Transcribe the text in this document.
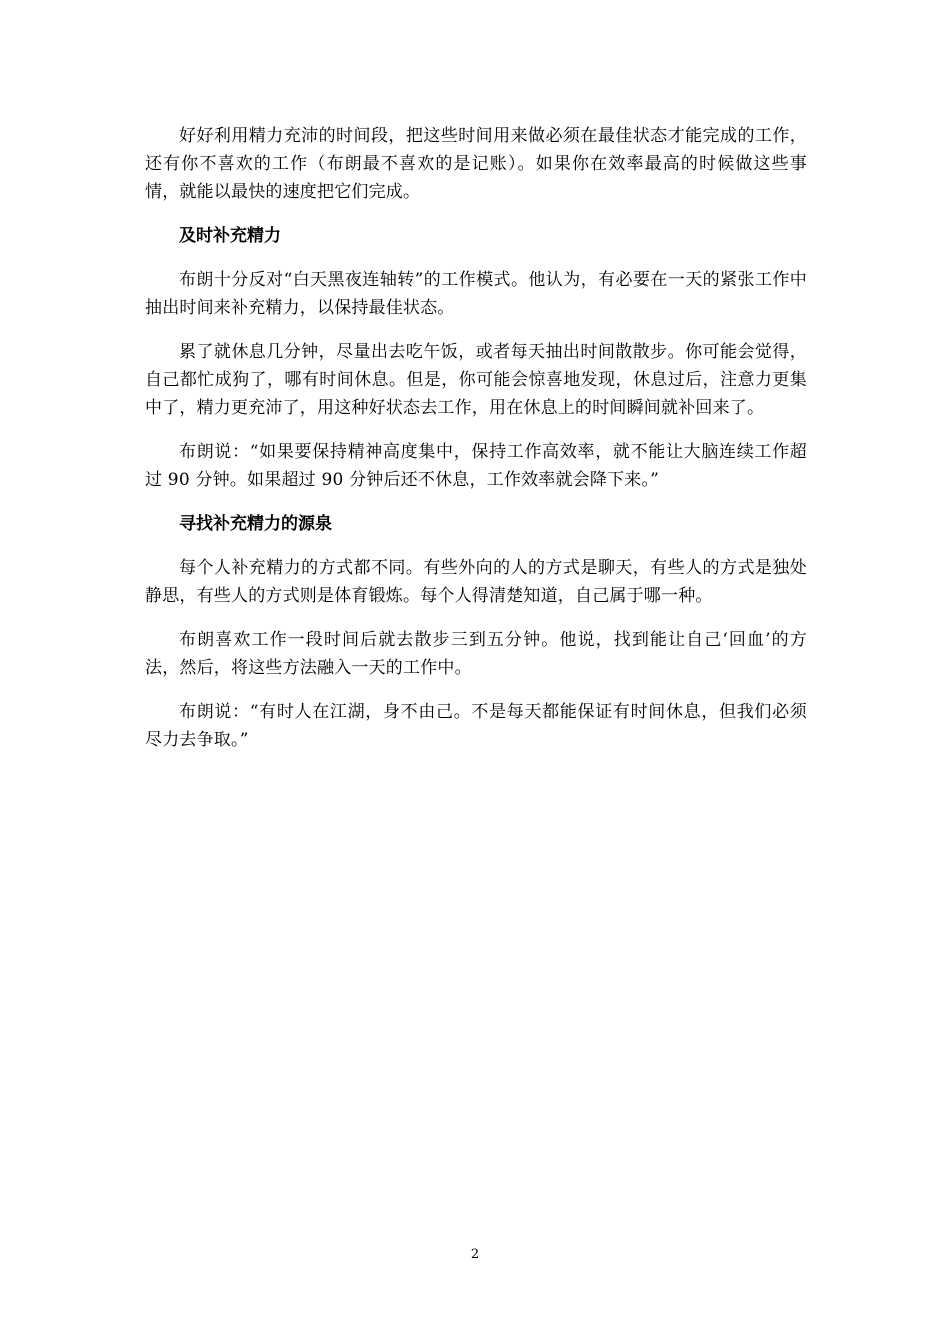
好好利用精力充沛的时间段，把这些时间用来做必须在最佳状态才能完成的工作，还有你不喜欢的工作（布朗最不喜欢的是记账）。如果你在效率最高的时候做这些事情，就能以最快的速度把它们完成。

及时补充精力

布朗十分反对“白天黑夜连轴转”的工作模式。他认为，有必要在一天的紧张工作中抽出时间来补充精力，以保持最佳状态。

累了就休息几分钟，尽量出去吃午饭，或者每天抽出时间散散步。你可能会觉得，自己都忙成狗了，哪有时间休息。但是，你可能会惊喜地发现，休息过后，注意力更集中了，精力更充沛了，用这种好状态去工作，用在休息上的时间瞬间就补回来了。

布朗说：“如果要保持精神高度集中，保持工作高效率，就不能让大脑连续工作超过 90 分钟。如果超过 90 分钟后还不休息，工作效率就会降下来。”

寻找补充精力的源泉

每个人补充精力的方式都不同。有些外向的人的方式是聊天，有些人的方式是独处静思，有些人的方式则是体育锻炼。每个人得清楚知道，自己属于哪一种。

布朗喜欢工作一段时间后就去散步三到五分钟。他说，找到能让自己‘回血’的方法，然后，将这些方法融入一天的工作中。

布朗说：“有时人在江湖，身不由己。不是每天都能保证有时间休息，但我们必须尽力去争取。”

2
